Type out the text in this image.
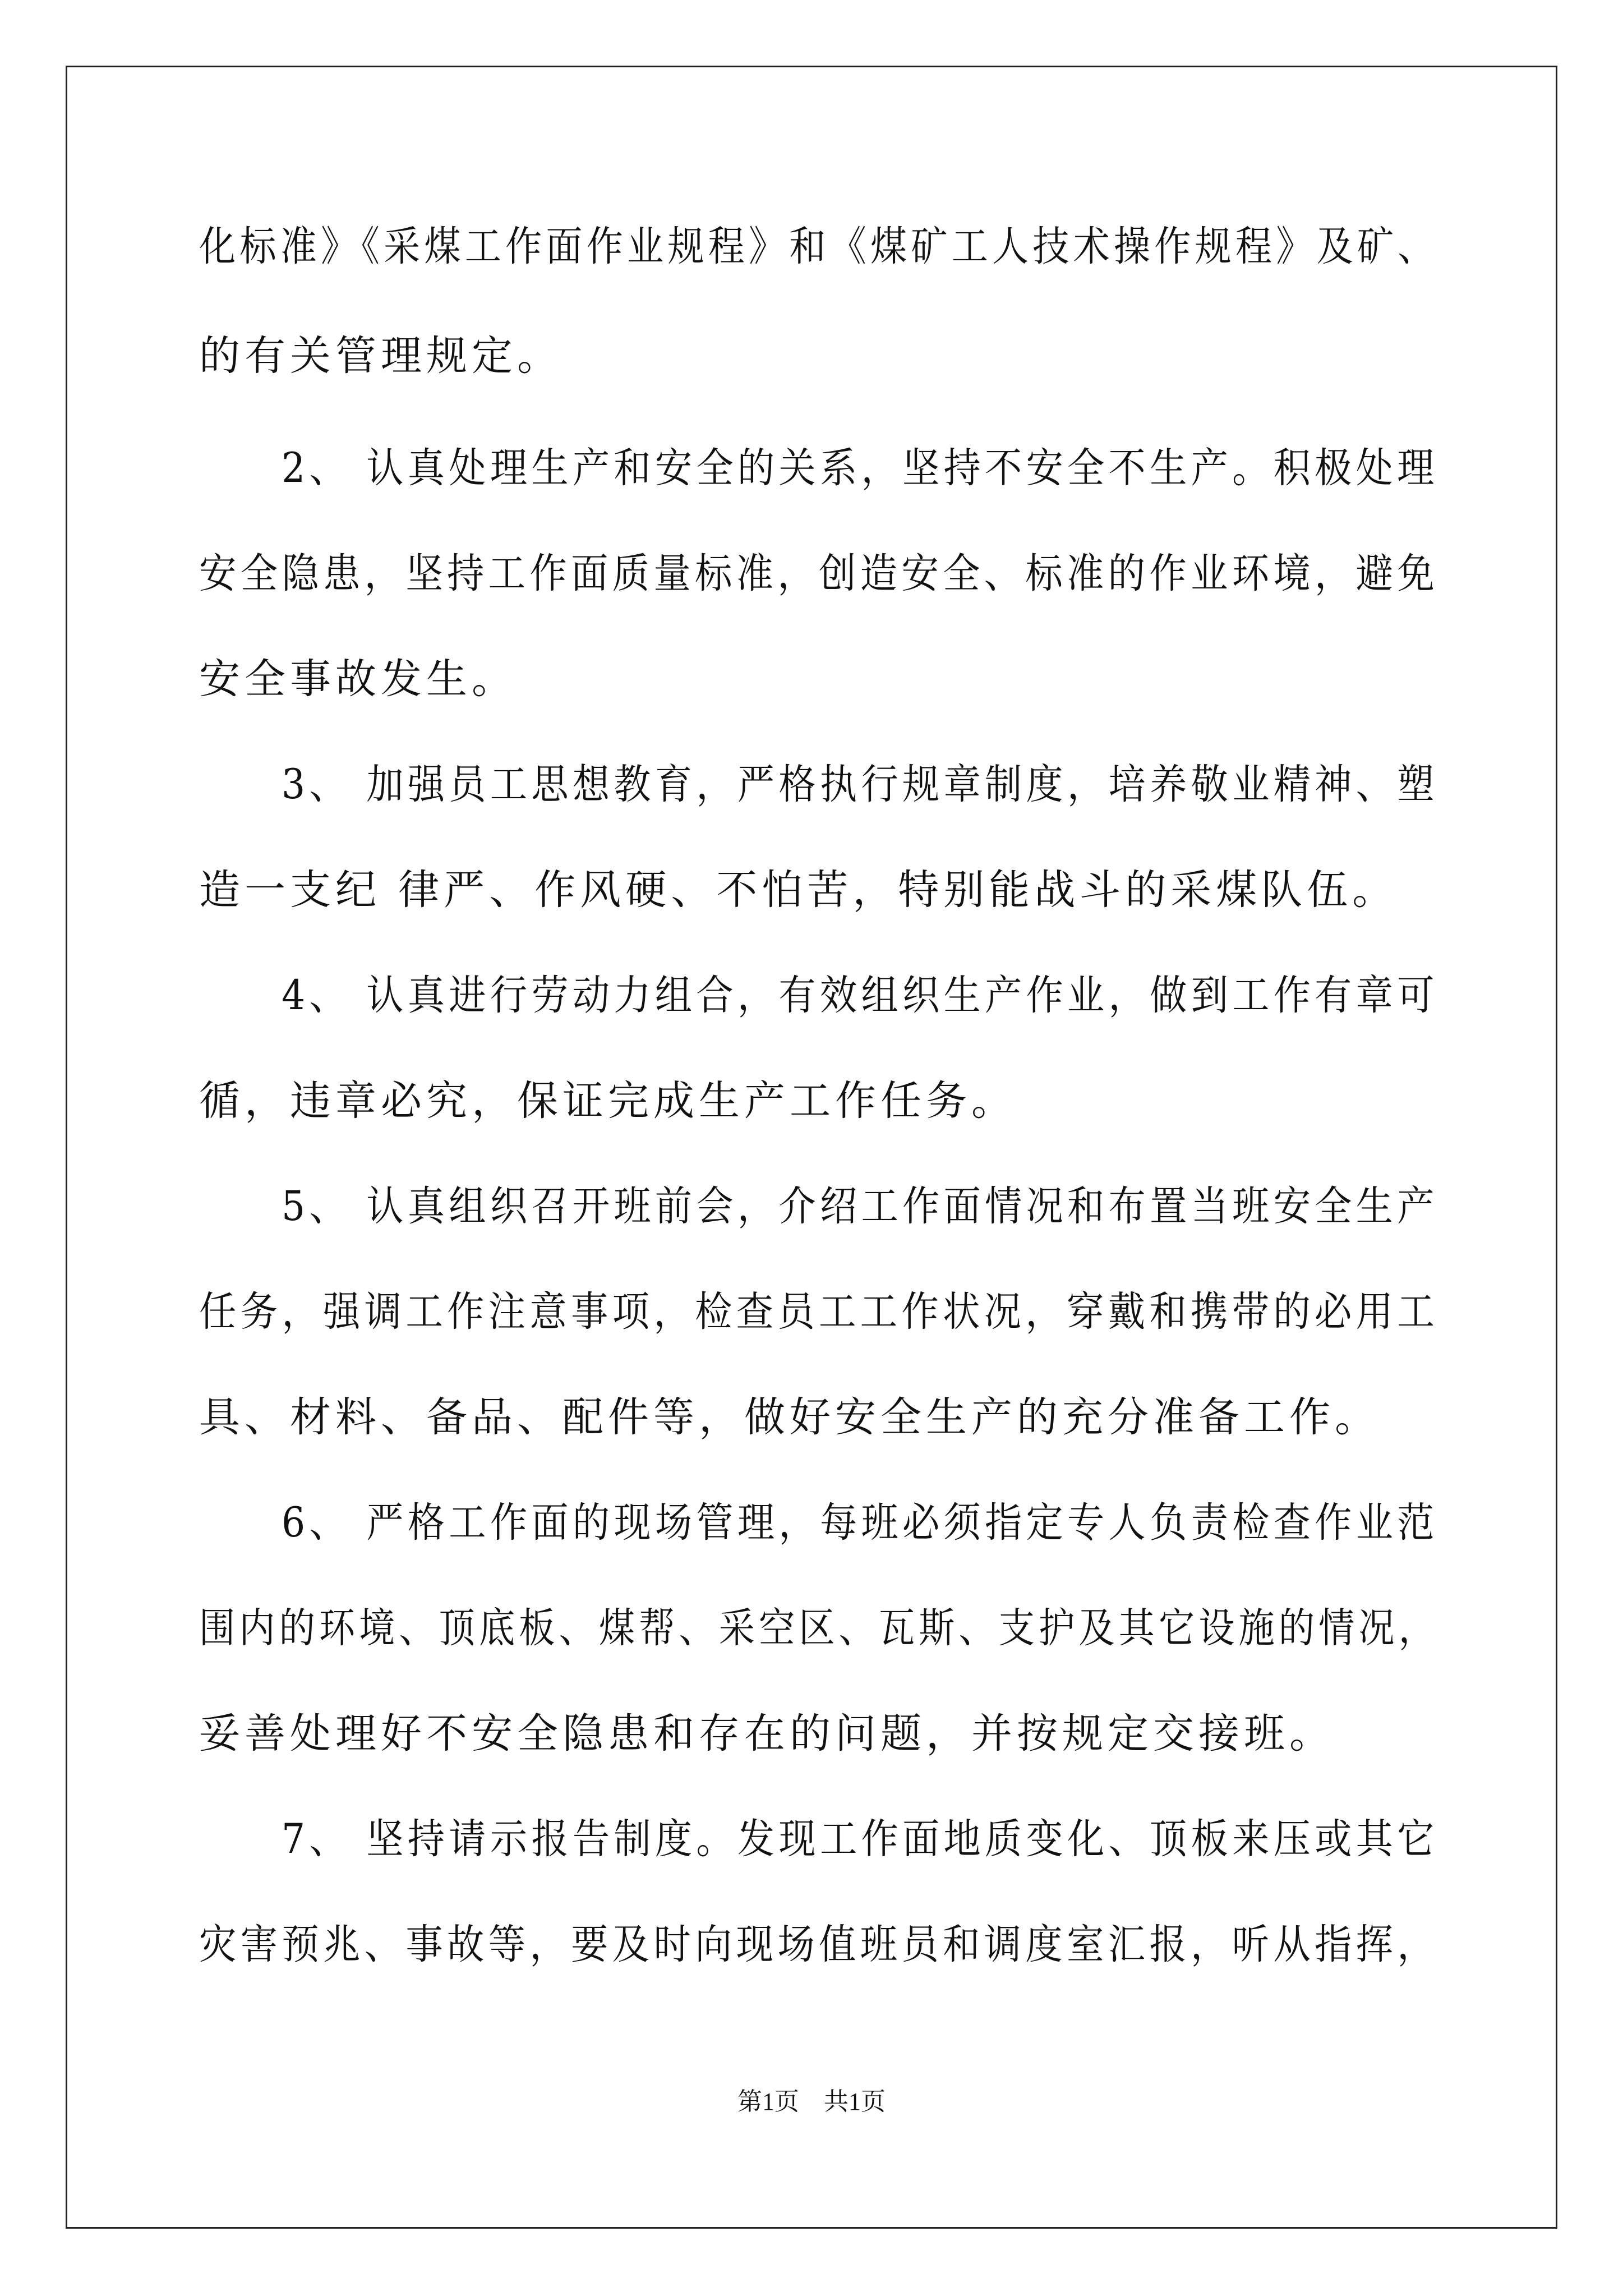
化标准》《采煤工作面作业规程》和《煤矿工人技术操作规程》及矿、
的有关管理规定。
　　2、 认真处理生产和安全的关系，坚持不安全不生产。积极处理
安全隐患，坚持工作面质量标准，创造安全、标准的作业环境，避免
安全事故发生。
　　3、 加强员工思想教育，严格执行规章制度，培养敬业精神、塑
造一支纪 律严、作风硬、不怕苦，特别能战斗的采煤队伍。
　　4、 认真进行劳动力组合，有效组织生产作业，做到工作有章可
循，违章必究，保证完成生产工作任务。
　　5、 认真组织召开班前会，介绍工作面情况和布置当班安全生产
任务，强调工作注意事项，检查员工工作状况，穿戴和携带的必用工
具、材料、备品、配件等，做好安全生产的充分准备工作。
　　6、 严格工作面的现场管理，每班必须指定专人负责检查作业范
围内的环境、顶底板、煤帮、采空区、瓦斯、支护及其它设施的情况，
妥善处理好不安全隐患和存在的问题，并按规定交接班。
　　7、 坚持请示报告制度。发现工作面地质变化、顶板来压或其它
灾害预兆、事故等，要及时向现场值班员和调度室汇报，听从指挥，
第1页　共1页
